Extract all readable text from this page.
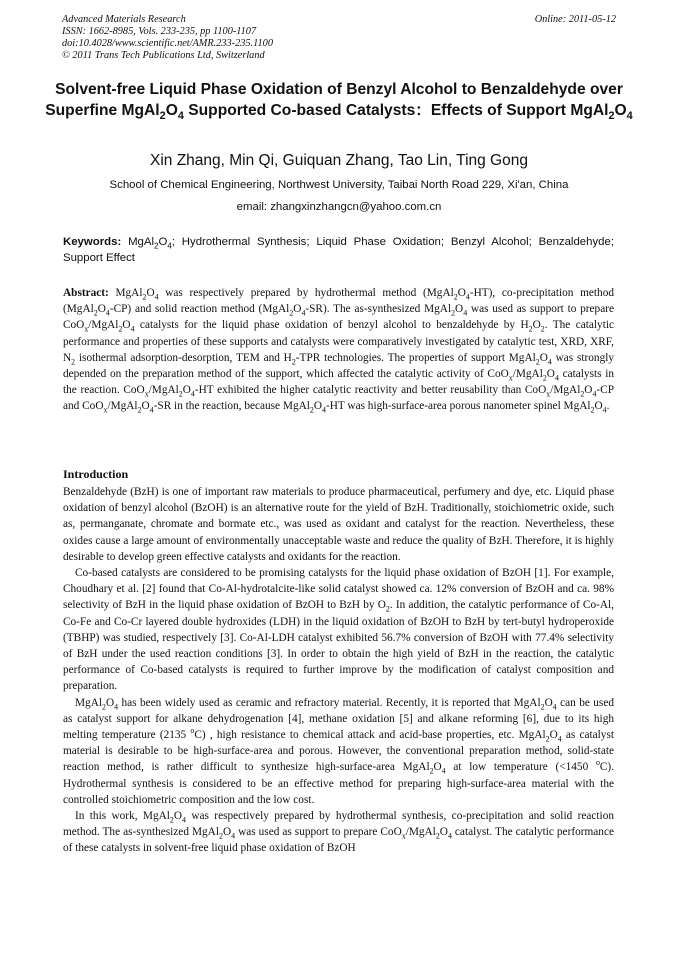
Advanced Materials Research
ISSN: 1662-8985, Vols. 233-235, pp 1100-1107
doi:10.4028/www.scientific.net/AMR.233-235.1100
© 2011 Trans Tech Publications Ltd, Switzerland
Online: 2011-05-12
Solvent-free Liquid Phase Oxidation of Benzyl Alcohol to Benzaldehyde over Superfine $MgAl_2O_4$ Supported Co-based Catalysts：Effects of Support $MgAl_2O_4$
Xin Zhang, Min Qi, Guiquan Zhang, Tao Lin, Ting Gong
School of Chemical Engineering, Northwest University, Taibai North Road 229, Xi'an, China
email: zhangxinzhangcn@yahoo.com.cn
Keywords: $MgAl_2O_4$; Hydrothermal Synthesis; Liquid Phase Oxidation; Benzyl Alcohol; Benzaldehyde; Support Effect
Abstract: $MgAl_2O_4$ was respectively prepared by hydrothermal method $(MgAl_2O_4-HT)$, co-precipitation method $(MgAl_2O_4-CP)$ and solid reaction method $(MgAl_2O_4-SR)$. The as-synthesized $MgAl_2O_4$ was used as support to prepare $CoO_x/MgAl_2O_4$ catalysts for the liquid phase oxidation of benzyl alcohol to benzaldehyde by $H_2O_2$. The catalytic performance and properties of these supports and catalysts were comparatively investigated by catalytic test, XRD, XRF, $N_2$ isothermal adsorption-desorption, TEM and $H_2$-TPR technologies. The properties of support $MgAl_2O_4$ was strongly depended on the preparation method of the support, which affected the catalytic activity of $CoO_x/MgAl_2O_4$ catalysts in the reaction. $CoO_x/MgAl_2O_4-HT$ exhibited the higher catalytic reactivity and better reusability than $CoO_x/MgAl_2O_4-CP$ and $CoO_x/MgAl_2O_4-SR$ in the reaction, because $MgAl_2O_4-HT$ was high-surface-area porous nanometer spinel $MgAl_2O_4$.
Introduction

Benzaldehyde (BzH) is one of important raw materials to produce pharmaceutical, perfumery and dye, etc. Liquid phase oxidation of benzyl alcohol (BzOH) is an alternative route for the yield of BzH. Traditionally, stoichiometric oxide, such as, permanganate, chromate and bormate etc., was used as oxidant and catalyst for the reaction. Nevertheless, these oxides cause a large amount of environmentally unacceptable waste and reduce the quality of BzH. Therefore, it is highly desirable to develop green effective catalysts and oxidants for the reaction.

Co-based catalysts are considered to be promising catalysts for the liquid phase oxidation of BzOH [1]. For example, Choudhary et al. [2] found that Co-Al-hydrotalcite-like solid catalyst showed ca. 12% conversion of BzOH and ca. 98% selectivity of BzH in the liquid phase oxidation of BzOH to BzH by $O_2$. In addition, the catalytic performance of Co-Al, Co-Fe and Co-Cr layered double hydroxides (LDH) in the liquid oxidation of BzOH to BzH by tert-butyl hydroperoxide (TBHP) was studied, respectively [3]. Co-Al-LDH catalyst exhibited 56.7% conversion of BzOH with 77.4% selectivity of BzH under the used reaction conditions [3]. In order to obtain the high yield of BzH in the reaction, the catalytic performance of Co-based catalysts is required to further improve by the modification of catalyst composition and preparation.

$MgAl_2O_4$ has been widely used as ceramic and refractory material. Recently, it is reported that $MgAl_2O_4$ can be used as catalyst support for alkane dehydrogenation [4], methane oxidation [5] and alkane reforming [6], due to its high melting temperature (2135 $^o$C) , high resistance to chemical attack and acid-base properties, etc. $MgAl_2O_4$ as catalyst material is desirable to be high-surface-area and porous. However, the conventional preparation method, solid-state reaction method, is rather difficult to synthesize high-surface-area $MgAl_2O_4$ at low temperature (<1450 $^o$C). Hydrothermal synthesis is considered to be an effective method for preparing high-surface-area material with the controlled stoichiometric composition and the low cost.

In this work, $MgAl_2O_4$ was respectively prepared by hydrothermal synthesis, co-precipitation and solid reaction method. The as-synthesized $MgAl_2O_4$ was used as support to prepare $CoO_x/MgAl_2O_4$ catalyst. The catalytic performance of these catalysts in solvent-free liquid phase oxidation of BzOH
